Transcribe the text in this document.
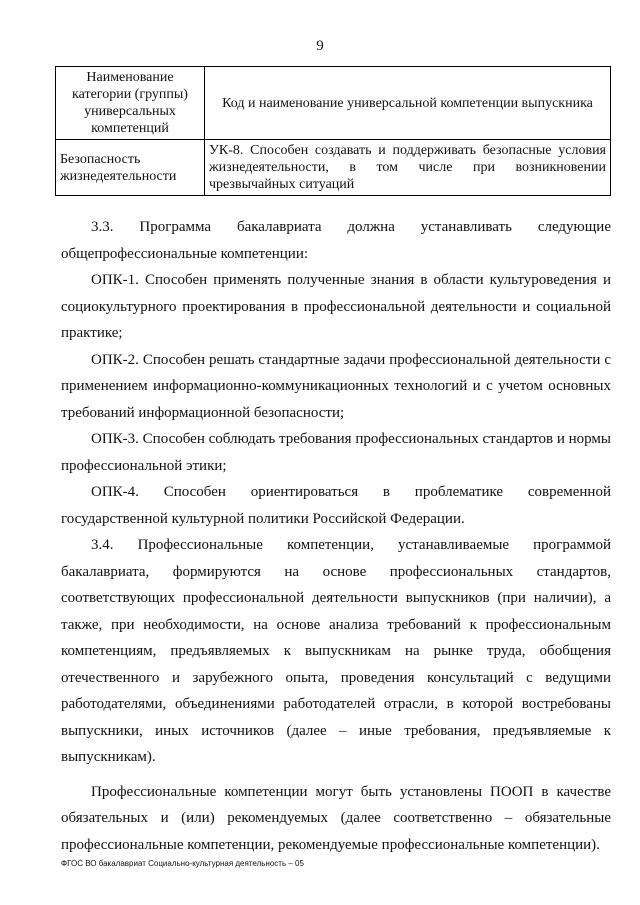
9
Наименование категории (группы) универсальных компетенций	Код и наименование универсальной компетенции выпускника
Безопасность жизнедеятельности	УК-8. Способен создавать и поддерживать безопасные условия жизнедеятельности, в том числе при возникновении чрезвычайных ситуаций

3.3. Программа бакалавриата должна устанавливать следующие общепрофессиональные компетенции:

ОПК-1. Способен применять полученные знания в области культуроведения и социокультурного проектирования в профессиональной деятельности и социальной практике;

ОПК-2. Способен решать стандартные задачи профессиональной деятельности с применением информационно-коммуникационных технологий и с учетом основных требований информационной безопасности;

ОПК-3. Способен соблюдать требования профессиональных стандартов и нормы профессиональной этики;

ОПК-4. Способен ориентироваться в проблематике современной государственной культурной политики Российской Федерации.

3.4. Профессиональные компетенции, устанавливаемые программой бакалавриата, формируются на основе профессиональных стандартов, соответствующих профессиональной деятельности выпускников (при наличии), а также, при необходимости, на основе анализа требований к профессиональным компетенциям, предъявляемых к выпускникам на рынке труда, обобщения отечественного и зарубежного опыта, проведения консультаций с ведущими работодателями, объединениями работодателей отрасли, в которой востребованы выпускники, иных источников (далее – иные требования, предъявляемые к выпускникам).

Профессиональные компетенции могут быть установлены ПООП в качестве обязательных и (или) рекомендуемых (далее соответственно – обязательные профессиональные компетенции, рекомендуемые профессиональные компетенции).

ФГОС ВО бакалавриат Социально-культурная деятельность – 05
